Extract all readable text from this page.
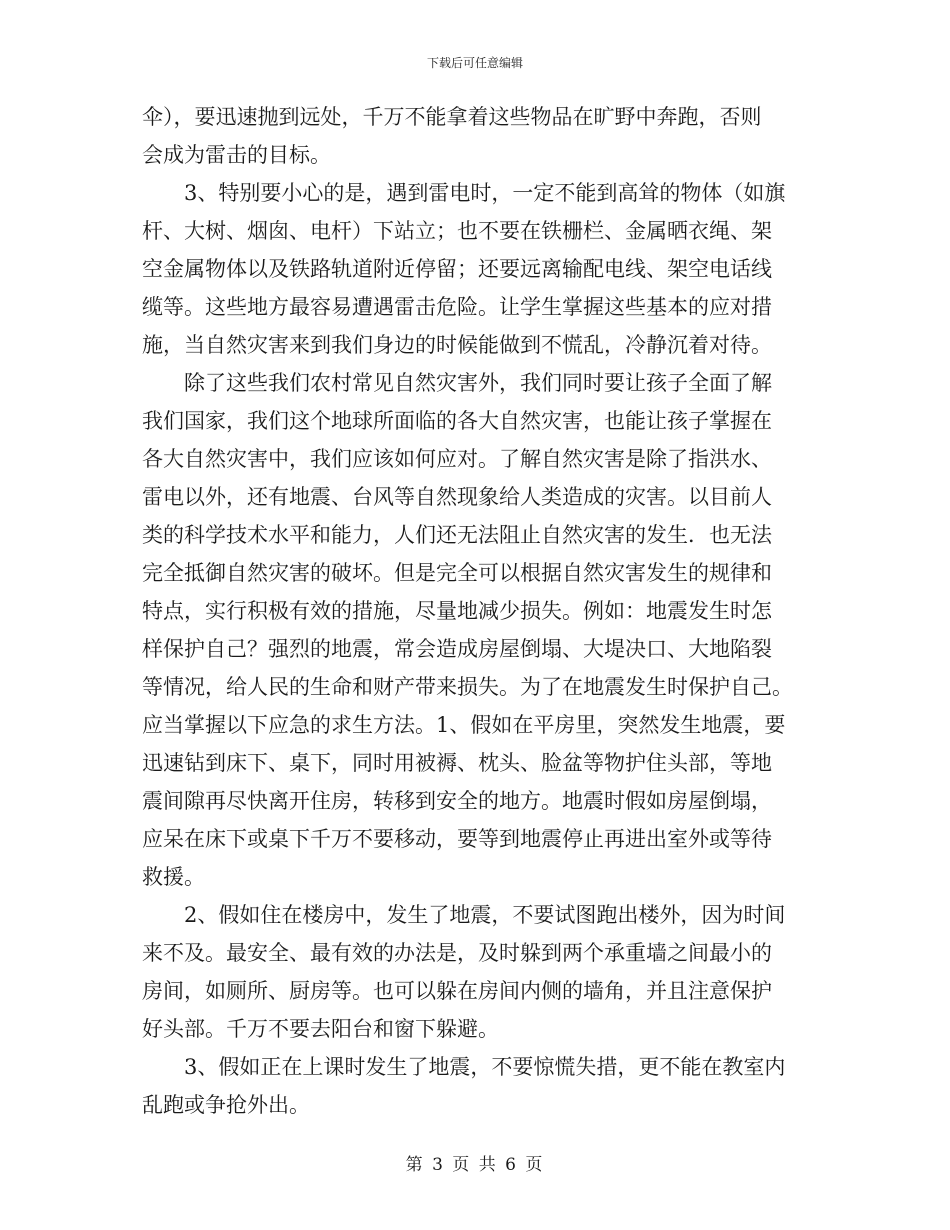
下载后可任意编辑
伞），要迅速抛到远处，千万不能拿着这些物品在旷野中奔跑，否则
会成为雷击的目标。
　　3、特别要小心的是，遇到雷电时，一定不能到高耸的物体（如旗
杆、大树、烟囱、电杆）下站立；也不要在铁栅栏、金属晒衣绳、架
空金属物体以及铁路轨道附近停留；还要远离输配电线、架空电话线
缆等。这些地方最容易遭遇雷击危险。让学生掌握这些基本的应对措
施，当自然灾害来到我们身边的时候能做到不慌乱，冷静沉着对待。
　　除了这些我们农村常见自然灾害外，我们同时要让孩子全面了解
我们国家，我们这个地球所面临的各大自然灾害，也能让孩子掌握在
各大自然灾害中，我们应该如何应对。了解自然灾害是除了指洪水、
雷电以外，还有地震、台风等自然现象给人类造成的灾害。以目前人
类的科学技术水平和能力，人们还无法阻止自然灾害的发生．也无法
完全抵御自然灾害的破坏。但是完全可以根据自然灾害发生的规律和
特点，实行积极有效的措施，尽量地减少损失。例如：地震发生时怎
样保护自己？强烈的地震，常会造成房屋倒塌、大堤决口、大地陷裂
等情况，给人民的生命和财产带来损失。为了在地震发生时保护自己。
应当掌握以下应急的求生方法。1、假如在平房里，突然发生地震，要
迅速钻到床下、桌下，同时用被褥、枕头、脸盆等物护住头部，等地
震间隙再尽快离开住房，转移到安全的地方。地震时假如房屋倒塌，
应呆在床下或桌下千万不要移动，要等到地震停止再进出室外或等待
救援。
　　2、假如住在楼房中，发生了地震，不要试图跑出楼外，因为时间
来不及。最安全、最有效的办法是，及时躲到两个承重墙之间最小的
房间，如厕所、厨房等。也可以躲在房间内侧的墙角，并且注意保护
好头部。千万不要去阳台和窗下躲避。
　　3、假如正在上课时发生了地震，不要惊慌失措，更不能在教室内
乱跑或争抢外出。
第 3 页 共 6 页
